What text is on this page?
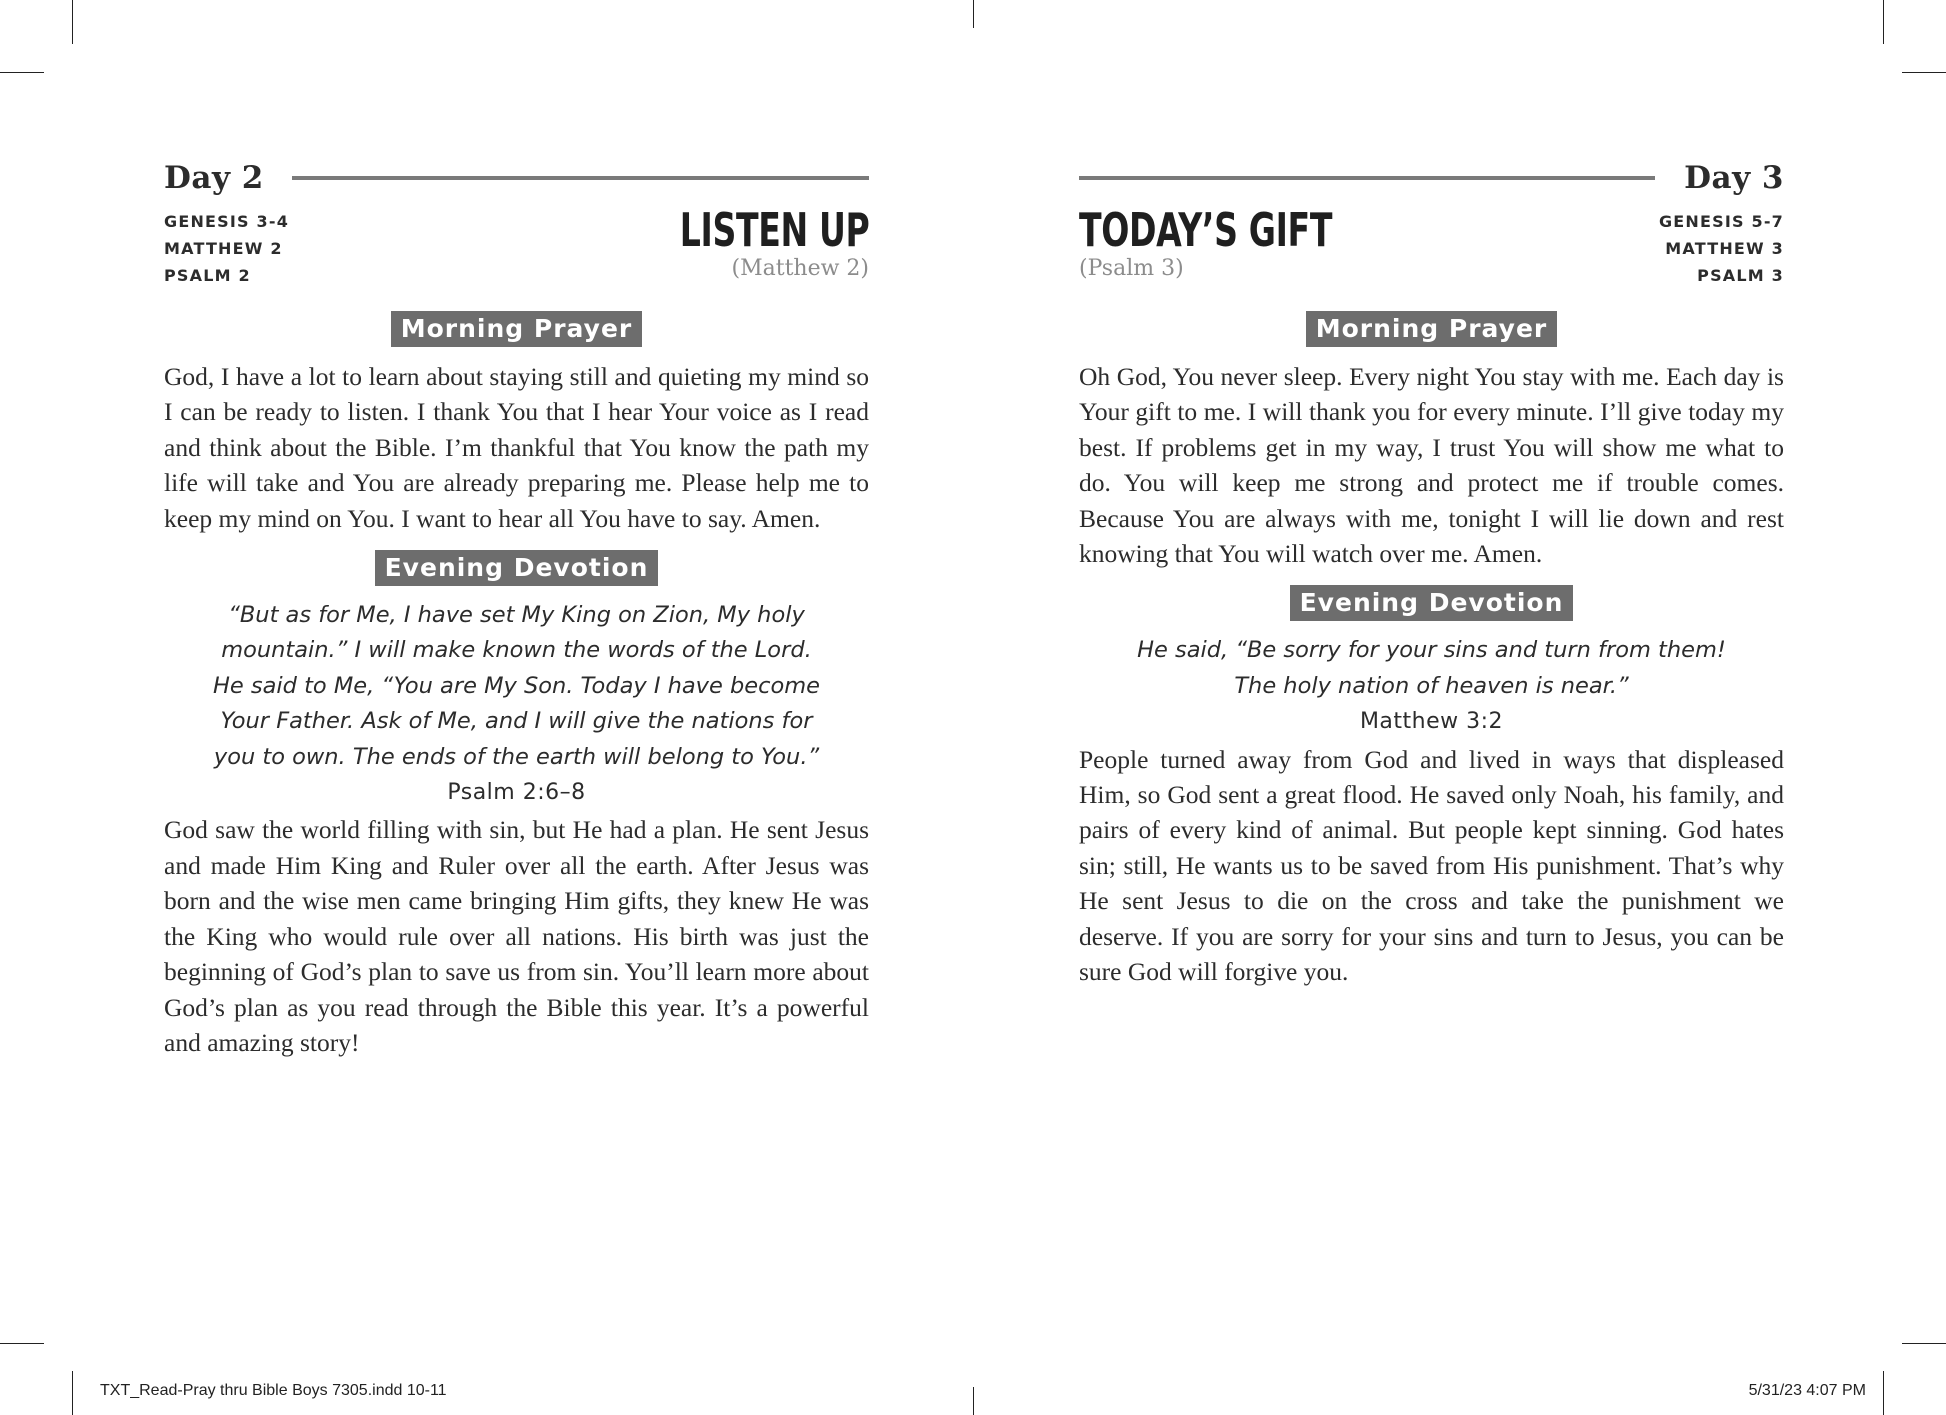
Day 2
GENESIS 3-4
MATTHEW 2
PSALM 2
LISTEN UP
(Matthew 2)
Morning Prayer
God, I have a lot to learn about staying still and quieting my mind so I can be ready to listen. I thank You that I hear Your voice as I read and think about the Bible. I’m thankful that You know the path my life will take and You are already preparing me. Please help me to keep my mind on You. I want to hear all You have to say. Amen.
Evening Devotion
“But as for Me, I have set My King on Zion, My holy mountain.” I will make known the words of the Lord. He said to Me, “You are My Son. Today I have become Your Father. Ask of Me, and I will give the nations for you to own. The ends of the earth will belong to You.”
Psalm 2:6–8
God saw the world filling with sin, but He had a plan. He sent Jesus and made Him King and Ruler over all the earth. After Jesus was born and the wise men came bringing Him gifts, they knew He was the King who would rule over all nations. His birth was just the beginning of God’s plan to save us from sin. You’ll learn more about God’s plan as you read through the Bible this year. It’s a powerful and amazing story!
Day 3
GENESIS 5-7
MATTHEW 3
PSALM 3
TODAY’S GIFT
(Psalm 3)
Morning Prayer
Oh God, You never sleep. Every night You stay with me. Each day is Your gift to me. I will thank you for every minute. I’ll give today my best. If problems get in my way, I trust You will show me what to do. You will keep me strong and protect me if trouble comes. Because You are always with me, tonight I will lie down and rest knowing that You will watch over me. Amen.
Evening Devotion
He said, “Be sorry for your sins and turn from them! The holy nation of heaven is near.”
Matthew 3:2
People turned away from God and lived in ways that displeased Him, so God sent a great flood. He saved only Noah, his family, and pairs of every kind of animal. But people kept sinning. God hates sin; still, He wants us to be saved from His punishment. That’s why He sent Jesus to die on the cross and take the punishment we deserve. If you are sorry for your sins and turn to Jesus, you can be sure God will forgive you.
TXT_Read-Pray thru Bible Boys 7305.indd 10-11	5/31/23 4:07 PM
